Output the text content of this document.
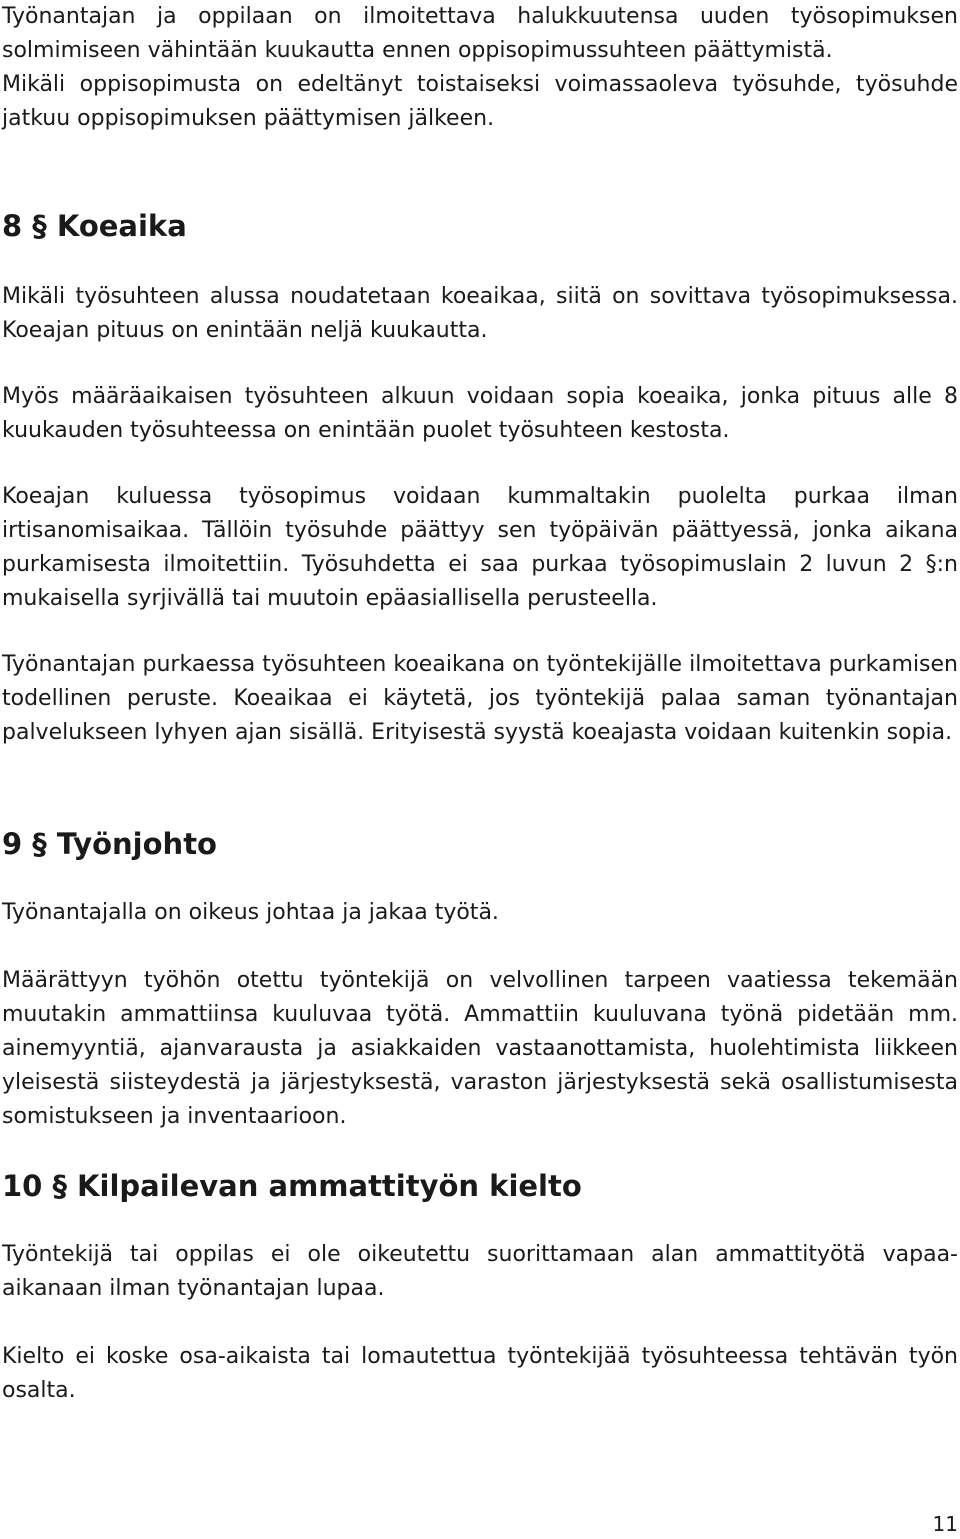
Työnantajan ja oppilaan on ilmoitettava halukkuutensa uuden työsopimuksen solmimiseen vähintään kuukautta ennen oppisopimussuhteen päättymistä.

Mikäli oppisopimusta on edeltänyt toistaiseksi voimassaoleva työsuhde, työsuhde jatkuu oppisopimuksen päättymisen jälkeen.

8 § Koeaika

Mikäli työsuhteen alussa noudatetaan koeaikaa, siitä on sovittava työsopimuksessa. Koeajan pituus on enintään neljä kuukautta.

Myös määräaikaisen työsuhteen alkuun voidaan sopia koeaika, jonka pituus alle 8 kuukauden työsuhteessa on enintään puolet työsuhteen kestosta.

Koeajan kuluessa työsopimus voidaan kummaltakin puolelta purkaa ilman irtisanomisaikaa. Tällöin työsuhde päättyy sen työpäivän päättyessä, jonka aikana purkamisesta ilmoitettiin. Työsuhdetta ei saa purkaa työsopimuslain 2 luvun 2 §:n mukaisella syrjivällä tai muutoin epäasiallisella perusteella.

Työnantajan purkaessa työsuhteen koeaikana on työntekijälle ilmoitettava purkamisen todellinen peruste. Koeaikaa ei käytetä, jos työntekijä palaa saman työnantajan palvelukseen lyhyen ajan sisällä. Erityisestä syystä koeajasta voidaan kuitenkin sopia.

9 § Työnjohto

Työnantajalla on oikeus johtaa ja jakaa työtä.

Määrättyyn työhön otettu työntekijä on velvollinen tarpeen vaatiessa tekemään muutakin ammattiinsa kuuluvaa työtä. Ammattiin kuuluvana työnä pidetään mm. ainemyyntiä, ajanvarausta ja asiakkaiden vastaanottamista, huolehtimista liikkeen yleisestä siisteydestä ja järjestyksestä, varaston järjestyksestä sekä osallistumisesta somistukseen ja inventaarioon.

10 § Kilpailevan ammattityön kielto

Työntekijä tai oppilas ei ole oikeutettu suorittamaan alan ammattityötä vapaa-aikanaan ilman työnantajan lupaa.

Kielto ei koske osa-aikaista tai lomautettua työntekijää työsuhteessa tehtävän työn osalta.

11
